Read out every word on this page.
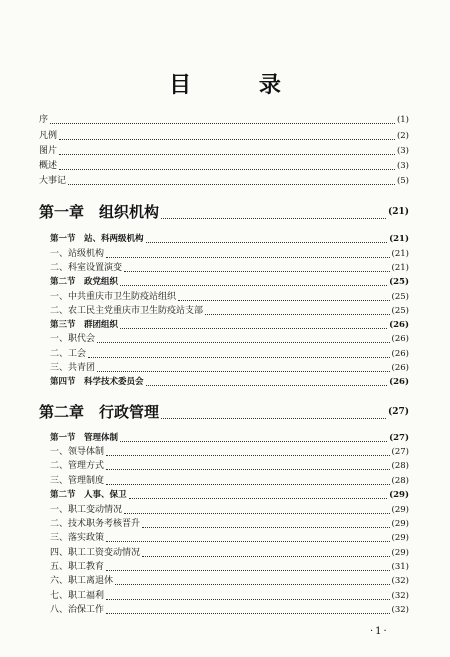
目 录
序	(1)
凡例	(2)
图片	(3)
概述	(3)
大事记	(5)
第一章　组织机构	(21)
第一节　站、科两级机构	(21)
一、站级机构	(21)
二、科室设置演变	(21)
第二节　政党组织	(25)
一、中共重庆市卫生防疫站组织	(25)
二、农工民主党重庆市卫生防疫站支部	(25)
第三节　群团组织	(26)
一、职代会	(26)
二、工会	(26)
三、共青团	(26)
第四节　科学技术委员会	(26)
第二章　行政管理	(27)
第一节　管理体制	(27)
一、领导体制	(27)
二、管理方式	(28)
三、管理制度	(28)
第二节　人事、保卫	(29)
一、职工变动情况	(29)
二、技术职务考核晋升	(29)
三、落实政策	(29)
四、职工工资变动情况	(29)
五、职工教育	(31)
六、职工离退休	(32)
七、职工福利	(32)
八、治保工作	(32)
·1·
